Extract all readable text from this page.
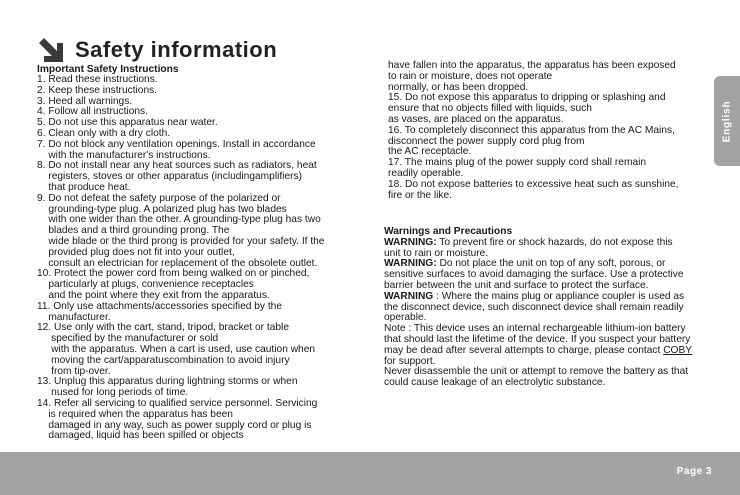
Safety information
Important Safety Instructions
1. Read these instructions.
2. Keep these instructions.
3. Heed all warnings.
4. Follow all instructions.
5. Do not use this apparatus near water.
6. Clean only with a dry cloth.
7. Do not block any ventilation openings. Install in accordance
with the manufacturer's instructions.
8. Do not install near any heat sources such as radiators, heat
registers, stoves or other apparatus (includingamplifiers)
that produce heat.
9. Do not defeat the safety purpose of the polarized or
grounding-type plug. A polarized plug has two blades
with one wider than the other. A grounding-type plug has two
blades and a third grounding prong. The
wide blade or the third prong is provided for your safety. If the
provided plug does not fit into your outlet,
consult an electrician for replacement of the obsolete outlet.
10. Protect the power cord from being walked on or pinched,
particularly at plugs, convenience receptacles
and the point where they exit from the apparatus.
11. Only use attachments/accessories specified by the
manufacturer.
12. Use only with the cart, stand, tripod, bracket or table
specified by the manufacturer or sold
with the apparatus. When a cart is used, use caution when
moving the cart/apparatuscombination to avoid injury
from tip-over.
13. Unplug this apparatus during lightning storms or when
nused for long periods of time.
14. Refer all servicing to qualified service personnel. Servicing
is required when the apparatus has been
damaged in any way, such as power supply cord or plug is
damaged, liquid has been spilled or objects
have fallen into the apparatus, the apparatus has been exposed
to rain or moisture, does not operate
normally, or has been dropped.
15. Do not expose this apparatus to dripping or splashing and
ensure that no objects filled with liquids, such
as vases, are placed on the apparatus.
16. To completely disconnect this apparatus from the AC Mains,
disconnect the power supply cord plug from
the AC receptacle.
17. The mains plug of the power supply cord shall remain
readily operable.
18. Do not expose batteries to excessive heat such as sunshine,
fire or the like.
Warnings and Precautions
WARNING: To prevent fire or shock hazards, do not expose this
unit to rain or moisture.
WARNING: Do not place the unit on top of any soft, porous, or
sensitive surfaces to avoid damaging the surface. Use a protective
barrier between the unit and surface to protect the surface.
WARNING : Where the mains plug or appliance coupler is used as
the disconnect device, such disconnect device shall remain readily
operable.
Note : This device uses an internal rechargeable lithium-ion battery
that should last the lifetime of the device. If you suspect your battery
may be dead after several attempts to charge, please contact COBY
for support.
Never disassemble the unit or attempt to remove the battery as that
could cause leakage of an electrolytic substance.
English
Page 3
